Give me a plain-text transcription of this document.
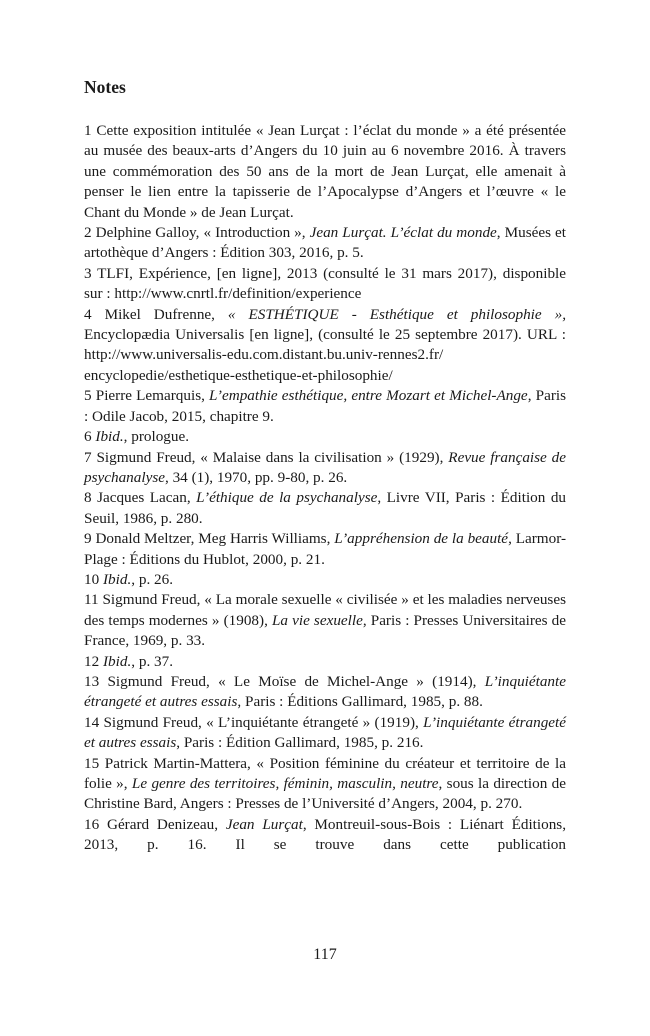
Notes
1 Cette exposition intitulée « Jean Lurçat : l’éclat du monde » a été présentée au musée des beaux-arts d’Angers du 10 juin au 6 novembre 2016. À travers une commémoration des 50 ans de la mort de Jean Lurçat, elle amenait à penser le lien entre la tapisserie de l’Apocalypse d’Angers et l’œuvre « le Chant du Monde » de Jean Lurçat.
2 Delphine Galloy, « Introduction », Jean Lurçat. L’éclat du monde, Musées et artothèque d’Angers : Édition 303, 2016, p. 5.
3 TLFI, Expérience, [en ligne], 2013 (consulté le 31 mars 2017), disponible sur : http://www.cnrtl.fr/definition/experience
4 Mikel Dufrenne, « ESTHÉTIQUE - Esthétique et philosophie », Encyclopædia Universalis [en ligne], (consulté le 25 septembre 2017). URL : http://www.universalis-edu.com.distant.bu.univ-rennes2.fr/ encyclopedie/esthetique-esthetique-et-philosophie/
5 Pierre Lemarquis, L’empathie esthétique, entre Mozart et Michel-Ange, Paris : Odile Jacob, 2015, chapitre 9.
6 Ibid., prologue.
7 Sigmund Freud, « Malaise dans la civilisation » (1929), Revue française de psychanalyse, 34 (1), 1970, pp. 9-80, p. 26.
8 Jacques Lacan, L’éthique de la psychanalyse, Livre VII, Paris : Édition du Seuil, 1986, p. 280.
9 Donald Meltzer, Meg Harris Williams, L’appréhension de la beauté, Larmor-Plage : Éditions du Hublot, 2000, p. 21.
10 Ibid., p. 26.
11 Sigmund Freud, « La morale sexuelle « civilisée » et les maladies nerveuses des temps modernes » (1908), La vie sexuelle, Paris : Presses Universitaires de France, 1969, p. 33.
12 Ibid., p. 37.
13 Sigmund Freud, « Le Moïse de Michel-Ange » (1914), L’inquiétante étrangeté et autres essais, Paris : Éditions Gallimard, 1985, p. 88.
14 Sigmund Freud, « L’inquiétante étrangeté » (1919), L’inquiétante étrangeté et autres essais, Paris : Édition Gallimard, 1985, p. 216.
15 Patrick Martin-Mattera, « Position féminine du créateur et territoire de la folie », Le genre des territoires, féminin, masculin, neutre, sous la direction de Christine Bard, Angers : Presses de l’Université d’Angers, 2004, p. 270.
16 Gérard Denizeau, Jean Lurçat, Montreuil-sous-Bois : Liénart Éditions, 2013, p. 16. Il se trouve dans cette publication
117
